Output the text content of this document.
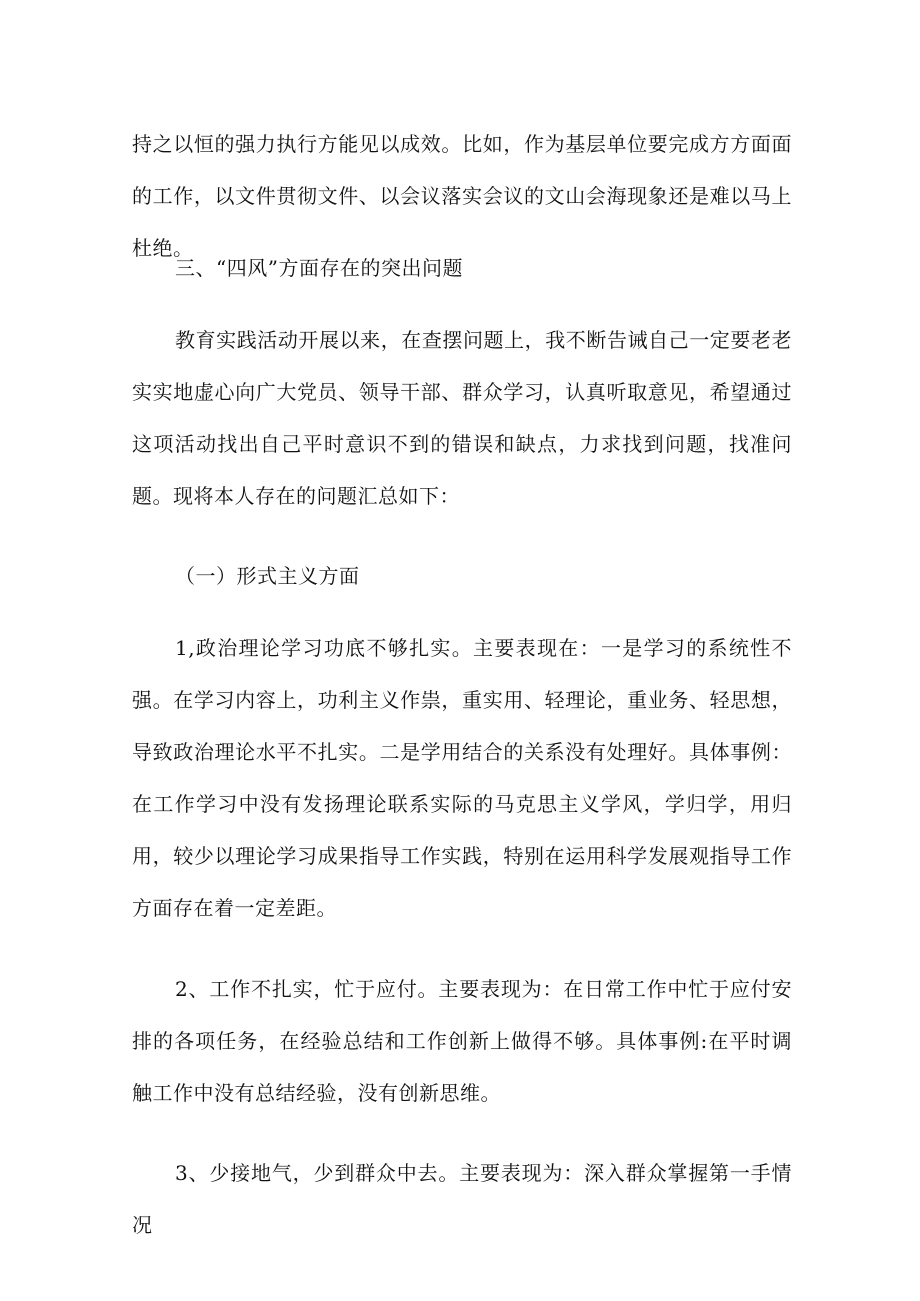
持之以恒的强力执行方能见以成效。比如，作为基层单位要完成方方面面的工作，以文件贯彻文件、以会议落实会议的文山会海现象还是难以马上杜绝。

三、“四风”方面存在的突出问题

教育实践活动开展以来，在查摆问题上，我不断告诫自己一定要老老实实地虚心向广大党员、领导干部、群众学习，认真听取意见，希望通过这项活动找出自己平时意识不到的错误和缺点，力求找到问题，找准问题。现将本人存在的问题汇总如下：

（一）形式主义方面

1,政治理论学习功底不够扎实。主要表现在：一是学习的系统性不强。在学习内容上，功利主义作祟，重实用、轻理论，重业务、轻思想，导致政治理论水平不扎实。二是学用结合的关系没有处理好。具体事例：在工作学习中没有发扬理论联系实际的马克思主义学风，学归学，用归用，较少以理论学习成果指导工作实践，特别在运用科学发展观指导工作方面存在着一定差距。

2、工作不扎实，忙于应付。主要表现为：在日常工作中忙于应付安排的各项任务，在经验总结和工作创新上做得不够。具体事例:在平时调触工作中没有总结经验，没有创新思维。

3、少接地气，少到群众中去。主要表现为：深入群众掌握第一手情况
